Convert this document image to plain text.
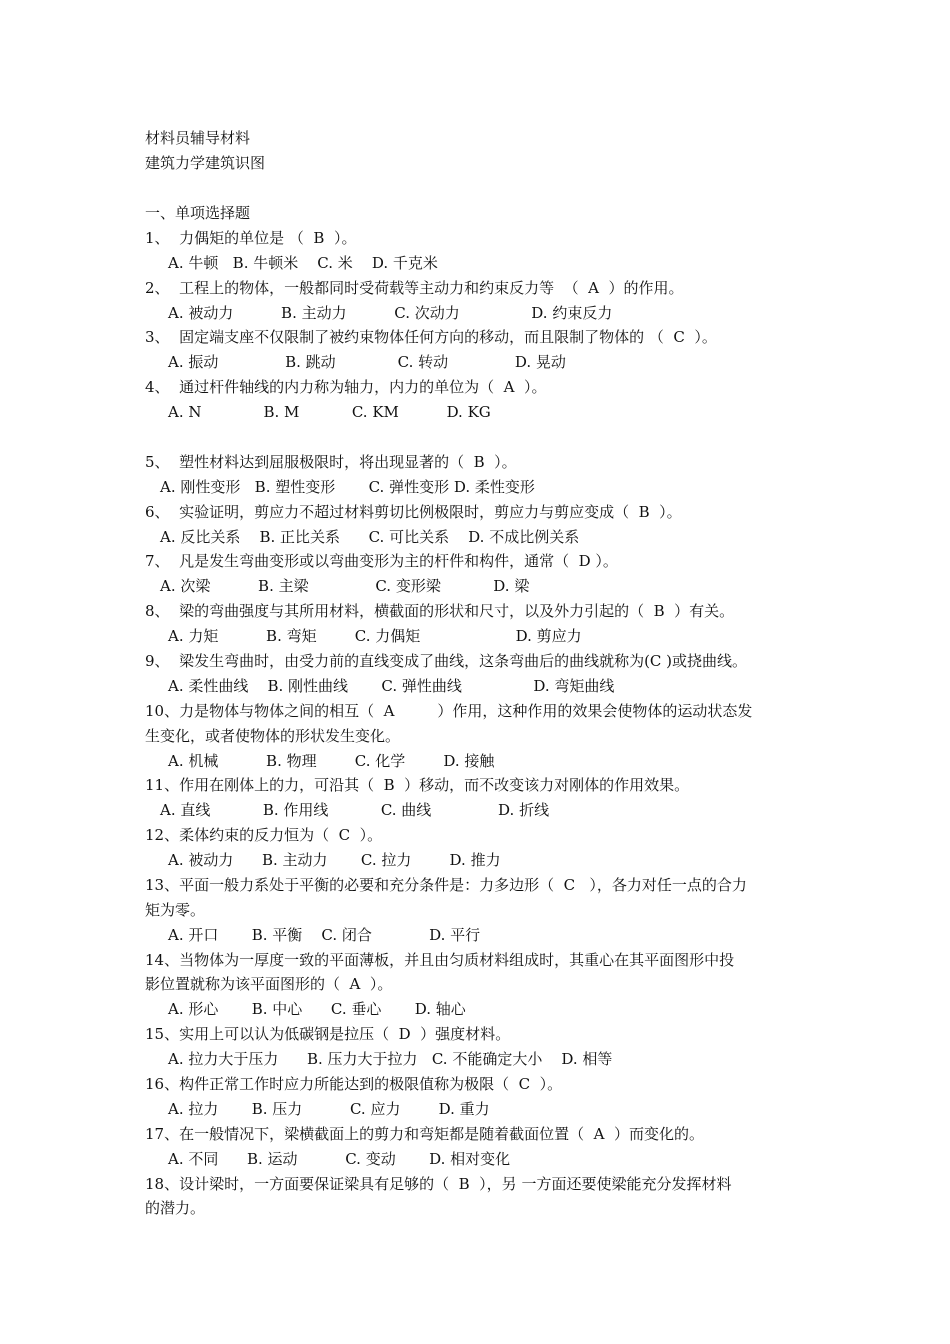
材料员辅导材料
建筑力学建筑识图
一、单项选择题
1、  力偶矩的单位是 （  B  ）。
A. 牛顿   B. 牛顿米    C. 米    D. 千克米
2、  工程上的物体，一般都同时受荷载等主动力和约束反力等  （  A  ）的作用。
A. 被动力          B. 主动力          C. 次动力               D. 约束反力
3、  固定端支座不仅限制了被约束物体任何方向的移动，而且限制了物体的 （  C  ）。
A. 振动              B. 跳动             C. 转动              D. 晃动
4、  通过杆件轴线的内力称为轴力，内力的单位为（  A  ）。
A. N             B. M           C. KM          D. KG
5、  塑性材料达到屈服极限时，将出现显著的（  B  ）。
A. 刚性变形   B. 塑性变形       C. 弹性变形 D. 柔性变形
6、  实验证明，剪应力不超过材料剪切比例极限时，剪应力与剪应变成（  B  ）。
A. 反比关系    B. 正比关系      C. 可比关系    D. 不成比例关系
7、  凡是发生弯曲变形或以弯曲变形为主的杆件和构件，通常（  D ）。
A. 次梁          B. 主梁              C. 变形梁           D. 梁
8、  梁的弯曲强度与其所用材料，横截面的形状和尺寸，以及外力引起的（  B  ）有关。
A. 力矩          B. 弯矩        C. 力偶矩                    D. 剪应力
9、  梁发生弯曲时，由受力前的直线变成了曲线，这条弯曲后的曲线就称为(C )或挠曲线。
A. 柔性曲线    B. 刚性曲线       C. 弹性曲线               D. 弯矩曲线
10、力是物体与物体之间的相互（  A         ）作用，这种作用的效果会使物体的运动状态发
生变化，或者使物体的形状发生变化。
A. 机械          B. 物理        C. 化学        D. 接触
11、作用在刚体上的力，可沿其（  B  ）移动，而不改变该力对刚体的作用效果。
A. 直线           B. 作用线           C. 曲线              D. 折线
12、柔体约束的反力恒为（  C  ）。
A. 被动力      B. 主动力       C. 拉力        D. 推力
13、平面一般力系处于平衡的必要和充分条件是：力多边形（  C   ），各力对任一点的合力
矩为零。
A. 开口       B. 平衡    C. 闭合            D. 平行
14、当物体为一厚度一致的平面薄板，并且由匀质材料组成时，其重心在其平面图形中投
影位置就称为该平面图形的（  A  ）。
A. 形心       B. 中心      C. 垂心       D. 轴心
15、实用上可以认为低碳钢是拉压（  D  ）强度材料。
A. 拉力大于压力      B. 压力大于拉力   C. 不能确定大小    D. 相等
16、构件正常工作时应力所能达到的极限值称为极限（  C  ）。
A. 拉力       B. 压力          C. 应力        D. 重力
17、在一般情况下，梁横截面上的剪力和弯矩都是随着截面位置（  A  ）而变化的。
A. 不同      B. 运动          C. 变动       D. 相对变化
18、设计梁时，一方面要保证梁具有足够的（  B  ），另 一方面还要使梁能充分发挥材料
的潜力。
